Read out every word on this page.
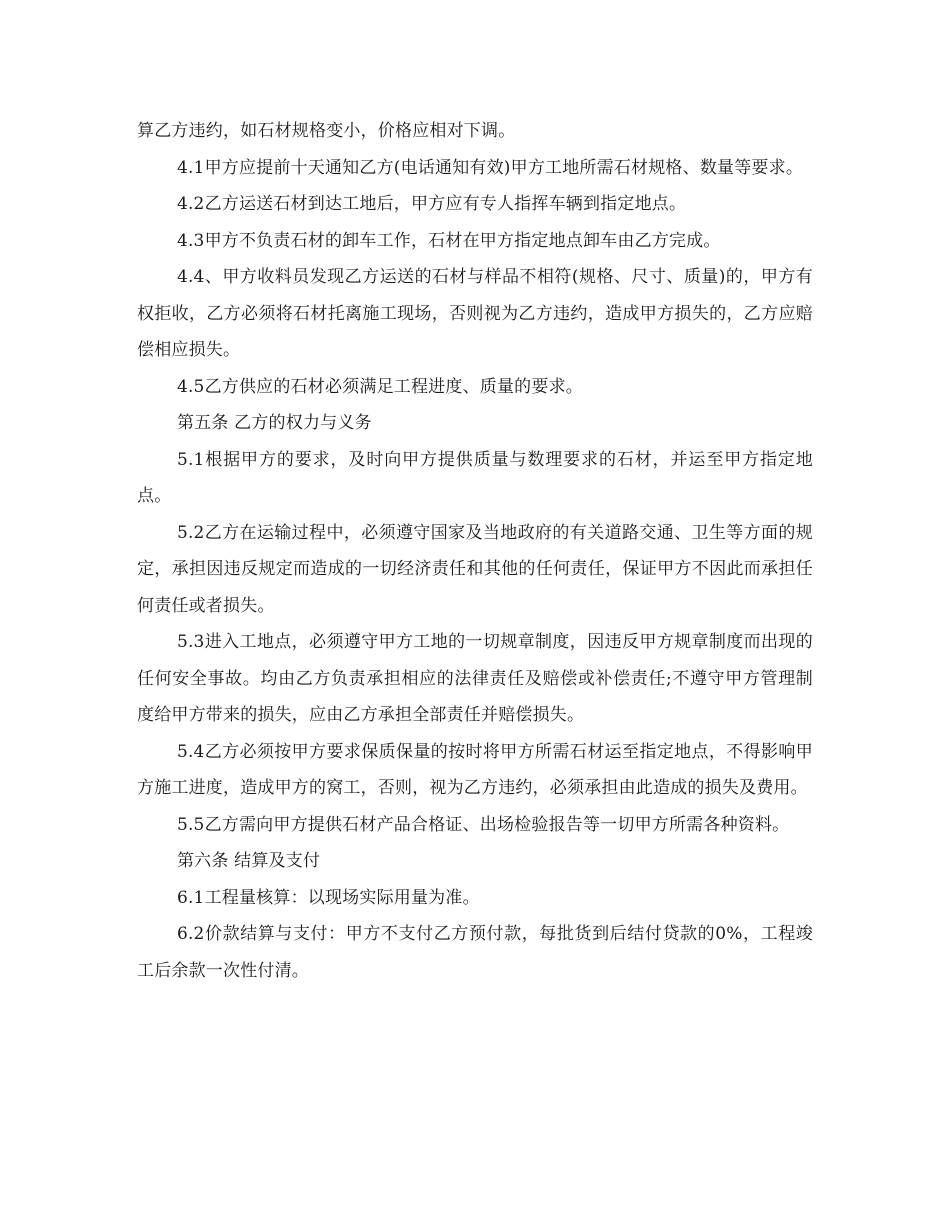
算乙方违约，如石材规格变小，价格应相对下调。

4.1甲方应提前十天通知乙方(电话通知有效)甲方工地所需石材规格、数量等要求。

4.2乙方运送石材到达工地后，甲方应有专人指挥车辆到指定地点。

4.3甲方不负责石材的卸车工作，石材在甲方指定地点卸车由乙方完成。

4.4、甲方收料员发现乙方运送的石材与样品不相符(规格、尺寸、质量)的，甲方有权拒收，乙方必须将石材托离施工现场，否则视为乙方违约，造成甲方损失的，乙方应赔偿相应损失。

4.5乙方供应的石材必须满足工程进度、质量的要求。

第五条 乙方的权力与义务

5.1根据甲方的要求，及时向甲方提供质量与数理要求的石材，并运至甲方指定地点。

5.2乙方在运输过程中，必须遵守国家及当地政府的有关道路交通、卫生等方面的规定，承担因违反规定而造成的一切经济责任和其他的任何责任，保证甲方不因此而承担任何责任或者损失。

5.3进入工地点，必须遵守甲方工地的一切规章制度，因违反甲方规章制度而出现的任何安全事故。均由乙方负责承担相应的法律责任及赔偿或补偿责任;不遵守甲方管理制度给甲方带来的损失，应由乙方承担全部责任并赔偿损失。

5.4乙方必须按甲方要求保质保量的按时将甲方所需石材运至指定地点，不得影响甲方施工进度，造成甲方的窝工，否则，视为乙方违约，必须承担由此造成的损失及费用。

5.5乙方需向甲方提供石材产品合格证、出场检验报告等一切甲方所需各种资料。

第六条 结算及支付

6.1工程量核算：以现场实际用量为准。

6.2价款结算与支付：甲方不支付乙方预付款，每批货到后结付贷款的0%，工程竣工后余款一次性付清。
